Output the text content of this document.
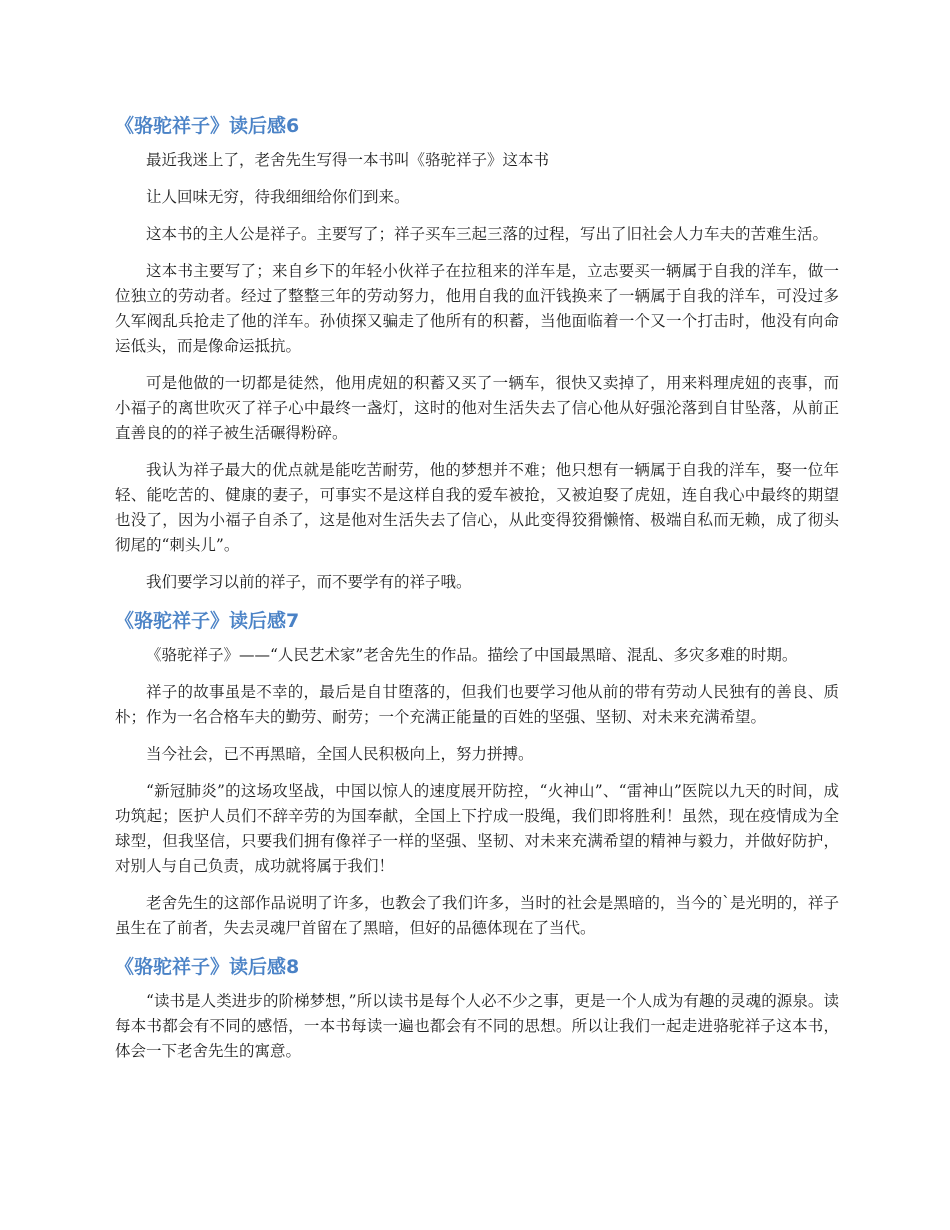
《骆驼祥子》读后感6

最近我迷上了，老舍先生写得一本书叫《骆驼祥子》这本书

让人回味无穷，待我细细给你们到来。

这本书的主人公是祥子。主要写了；祥子买车三起三落的过程，写出了旧社会人力车夫的苦难生活。

这本书主要写了；来自乡下的年轻小伙祥子在拉租来的洋车是，立志要买一辆属于自我的洋车，做一位独立的劳动者。经过了整整三年的劳动努力，他用自我的血汗钱换来了一辆属于自我的洋车，可没过多久军阀乱兵抢走了他的洋车。孙侦探又骗走了他所有的积蓄，当他面临着一个又一个打击时，他没有向命运低头，而是像命运抵抗。

可是他做的一切都是徒然，他用虎妞的积蓄又买了一辆车，很快又卖掉了，用来料理虎妞的丧事，而小福子的离世吹灭了祥子心中最终一盏灯，这时的他对生活失去了信心他从好强沦落到自甘坠落，从前正直善良的的祥子被生活碾得粉碎。

我认为祥子最大的优点就是能吃苦耐劳，他的梦想并不难；他只想有一辆属于自我的洋车，娶一位年轻、能吃苦的、健康的妻子，可事实不是这样自我的爱车被抢，又被迫娶了虎妞，连自我心中最终的期望也没了，因为小福子自杀了，这是他对生活失去了信心，从此变得狡猾懒惰、极端自私而无赖，成了彻头彻尾的“刺头儿”。

我们要学习以前的祥子，而不要学有的祥子哦。

《骆驼祥子》读后感7

《骆驼祥子》——“人民艺术家”老舍先生的作品。描绘了中国最黑暗、混乱、多灾多难的时期。

祥子的故事虽是不幸的，最后是自甘堕落的，但我们也要学习他从前的带有劳动人民独有的善良、质朴；作为一名合格车夫的勤劳、耐劳；一个充满正能量的百姓的坚强、坚韧、对未来充满希望。

当今社会，已不再黑暗，全国人民积极向上，努力拼搏。

“新冠肺炎”的这场攻坚战，中国以惊人的速度展开防控，“火神山”、“雷神山”医院以九天的时间，成功筑起；医护人员们不辞辛劳的为国奉献，全国上下拧成一股绳，我们即将胜利！虽然，现在疫情成为全球型，但我坚信，只要我们拥有像祥子一样的坚强、坚韧、对未来充满希望的精神与毅力，并做好防护，对别人与自己负责，成功就将属于我们！

老舍先生的这部作品说明了许多，也教会了我们许多，当时的社会是黑暗的，当今的`是光明的，祥子虽生在了前者，失去灵魂尸首留在了黑暗，但好的品德体现在了当代。

《骆驼祥子》读后感8

“读书是人类进步的阶梯梦想，”所以读书是每个人必不少之事，更是一个人成为有趣的灵魂的源泉。读每本书都会有不同的感悟，一本书每读一遍也都会有不同的思想。所以让我们一起走进骆驼祥子这本书，体会一下老舍先生的寓意。
